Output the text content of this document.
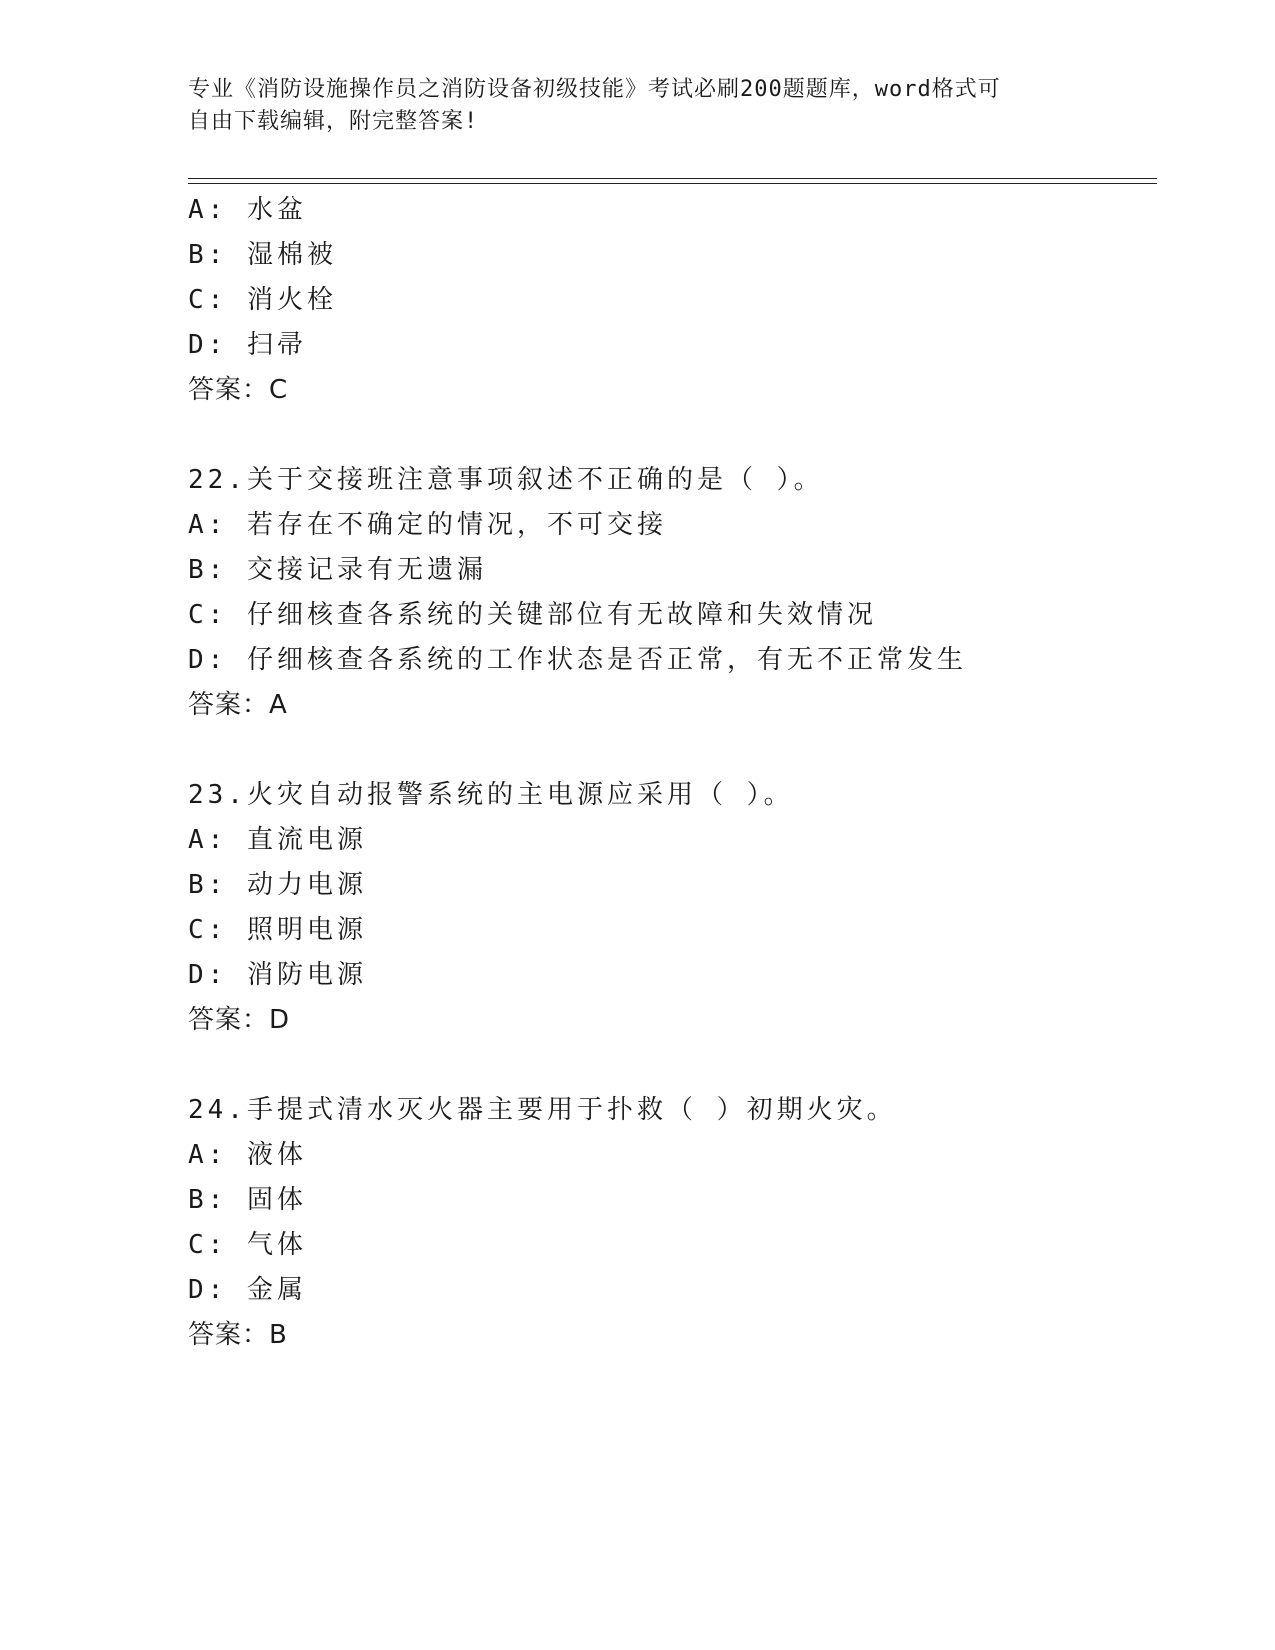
专业《消防设施操作员之消防设备初级技能》考试必刷200题题库，word格式可
自由下载编辑，附完整答案!
A: 水盆
B: 湿棉被
C: 消火栓
D: 扫帚
答案：C
22.关于交接班注意事项叙述不正确的是（ ）。
A: 若存在不确定的情况，不可交接
B: 交接记录有无遗漏
C: 仔细核查各系统的关键部位有无故障和失效情况
D: 仔细核查各系统的工作状态是否正常，有无不正常发生
答案：A
23.火灾自动报警系统的主电源应采用（ ）。
A: 直流电源
B: 动力电源
C: 照明电源
D: 消防电源
答案：D
24.手提式清水灭火器主要用于扑救（ ）初期火灾。
A: 液体
B: 固体
C: 气体
D: 金属
答案：B
